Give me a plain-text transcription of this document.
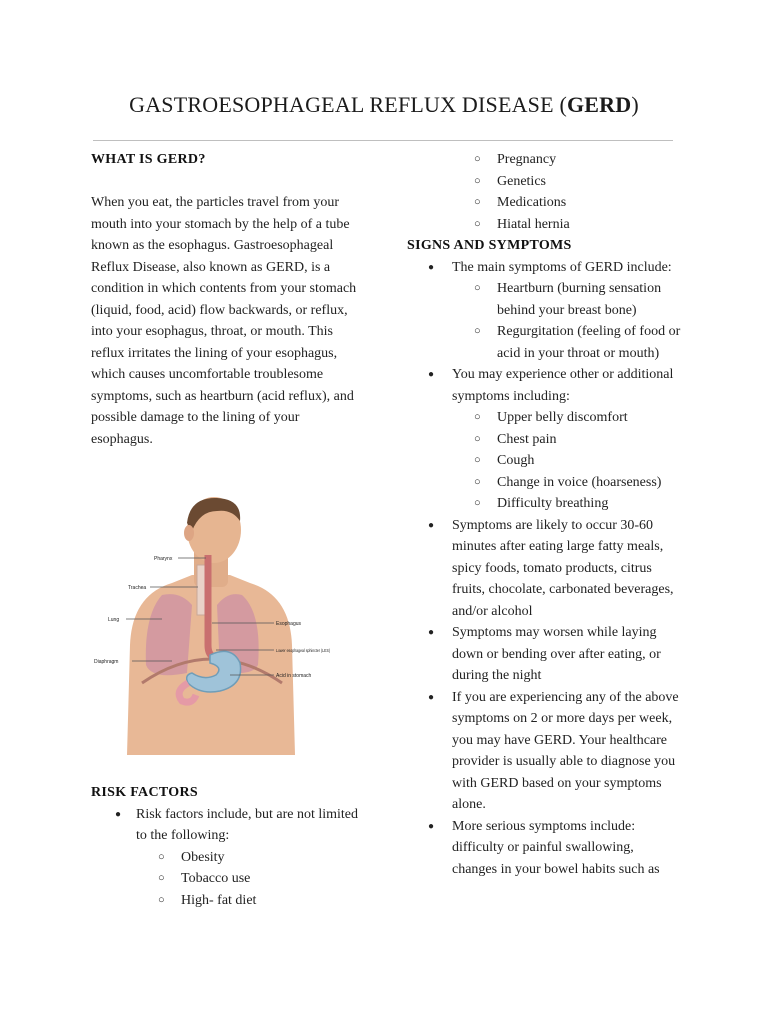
GASTROESOPHAGEAL REFLUX DISEASE (GERD)

WHAT IS GERD?

When you eat, the particles travel from your mouth into your stomach by the help of a tube known as the esophagus. Gastroesophageal Reflux Disease, also known as GERD, is a condition in which contents from your stomach (liquid, food, acid) flow backwards, or reflux, into your esophagus, throat, or mouth. This reflux irritates the lining of your esophagus, which causes uncomfortable troublesome symptoms, such as heartburn (acid reflux), and possible damage to the lining of your esophagus.

Pharynx
Trachea
Lung
Diaphragm
Esophagus
Lower esophageal sphincter (LES)
Acid in stomach

RISK FACTORS

● Risk factors include, but are not limited to the following:
○ Obesity
○ Tobacco use
○ High- fat diet
○ Pregnancy
○ Genetics
○ Medications
○ Hiatal hernia

SIGNS AND SYMPTOMS

● The main symptoms of GERD include:
○ Heartburn (burning sensation behind your breast bone)
○ Regurgitation (feeling of food or acid in your throat or mouth)
● You may experience other or additional symptoms including:
○ Upper belly discomfort
○ Chest pain
○ Cough
○ Change in voice (hoarseness)
○ Difficulty breathing
● Symptoms are likely to occur 30-60 minutes after eating large fatty meals, spicy foods, tomato products, citrus fruits, chocolate, carbonated beverages, and/or alcohol
● Symptoms may worsen while laying down or bending over after eating, or during the night
● If you are experiencing any of the above symptoms on 2 or more days per week, you may have GERD. Your healthcare provider is usually able to diagnose you with GERD based on your symptoms alone.
● More serious symptoms include: difficulty or painful swallowing, changes in your bowel habits such as
